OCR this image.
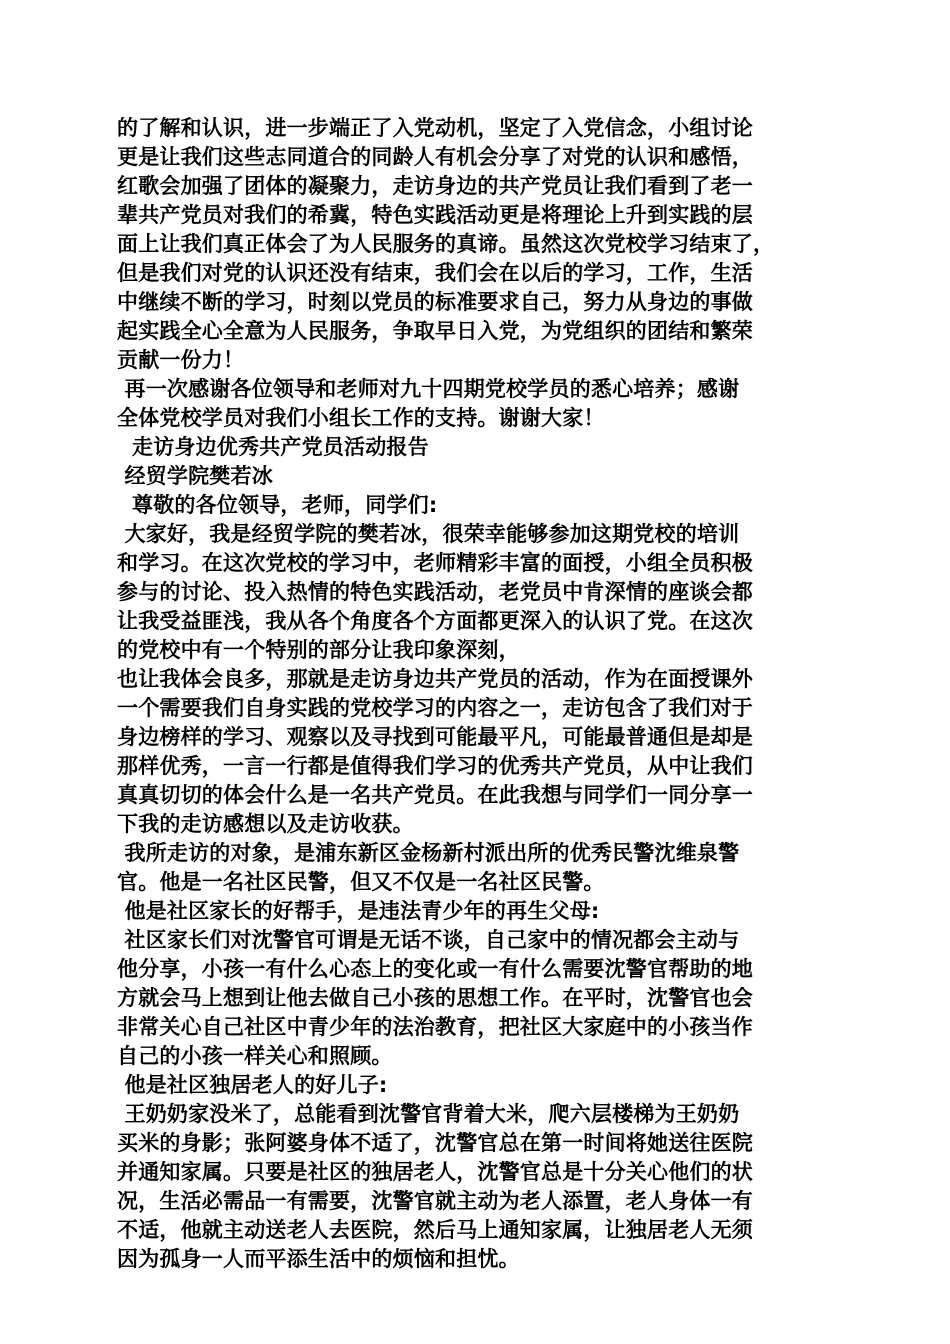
的了解和认识，进一步端正了入党动机，坚定了入党信念，小组讨论
更是让我们这些志同道合的同龄人有机会分享了对党的认识和感悟，
红歌会加强了团体的凝聚力，走访身边的共产党员让我们看到了老一
辈共产党员对我们的希冀，特色实践活动更是将理论上升到实践的层
面上让我们真正体会了为人民服务的真谛。虽然这次党校学习结束了，
但是我们对党的认识还没有结束，我们会在以后的学习，工作，生活
中继续不断的学习，时刻以党员的标准要求自己，努力从身边的事做
起实践全心全意为人民服务，争取早日入党，为党组织的团结和繁荣
贡献一份力！
再一次感谢各位领导和老师对九十四期党校学员的悉心培养；感谢
全体党校学员对我们小组长工作的支持。谢谢大家！
走访身边优秀共产党员活动报告
经贸学院樊若冰
尊敬的各位领导，老师，同学们:
大家好，我是经贸学院的樊若冰，很荣幸能够参加这期党校的培训
和学习。在这次党校的学习中，老师精彩丰富的面授，小组全员积极
参与的讨论、投入热情的特色实践活动，老党员中肯深情的座谈会都
让我受益匪浅，我从各个角度各个方面都更深入的认识了党。在这次
的党校中有一个特别的部分让我印象深刻，
也让我体会良多，那就是走访身边共产党员的活动，作为在面授课外
一个需要我们自身实践的党校学习的内容之一，走访包含了我们对于
身边榜样的学习、观察以及寻找到可能最平凡，可能最普通但是却是
那样优秀，一言一行都是值得我们学习的优秀共产党员，从中让我们
真真切切的体会什么是一名共产党员。在此我想与同学们一同分享一
下我的走访感想以及走访收获。
我所走访的对象，是浦东新区金杨新村派出所的优秀民警沈维泉警
官。他是一名社区民警，但又不仅是一名社区民警。
他是社区家长的好帮手，是违法青少年的再生父母:
社区家长们对沈警官可谓是无话不谈，自己家中的情况都会主动与
他分享，小孩一有什么心态上的变化或一有什么需要沈警官帮助的地
方就会马上想到让他去做自己小孩的思想工作。在平时，沈警官也会
非常关心自己社区中青少年的法治教育，把社区大家庭中的小孩当作
自己的小孩一样关心和照顾。
他是社区独居老人的好儿子:
王奶奶家没米了，总能看到沈警官背着大米，爬六层楼梯为王奶奶
买米的身影；张阿婆身体不适了，沈警官总在第一时间将她送往医院
并通知家属。只要是社区的独居老人，沈警官总是十分关心他们的状
况，生活必需品一有需要，沈警官就主动为老人添置，老人身体一有
不适，他就主动送老人去医院，然后马上通知家属，让独居老人无须
因为孤身一人而平添生活中的烦恼和担忧。
